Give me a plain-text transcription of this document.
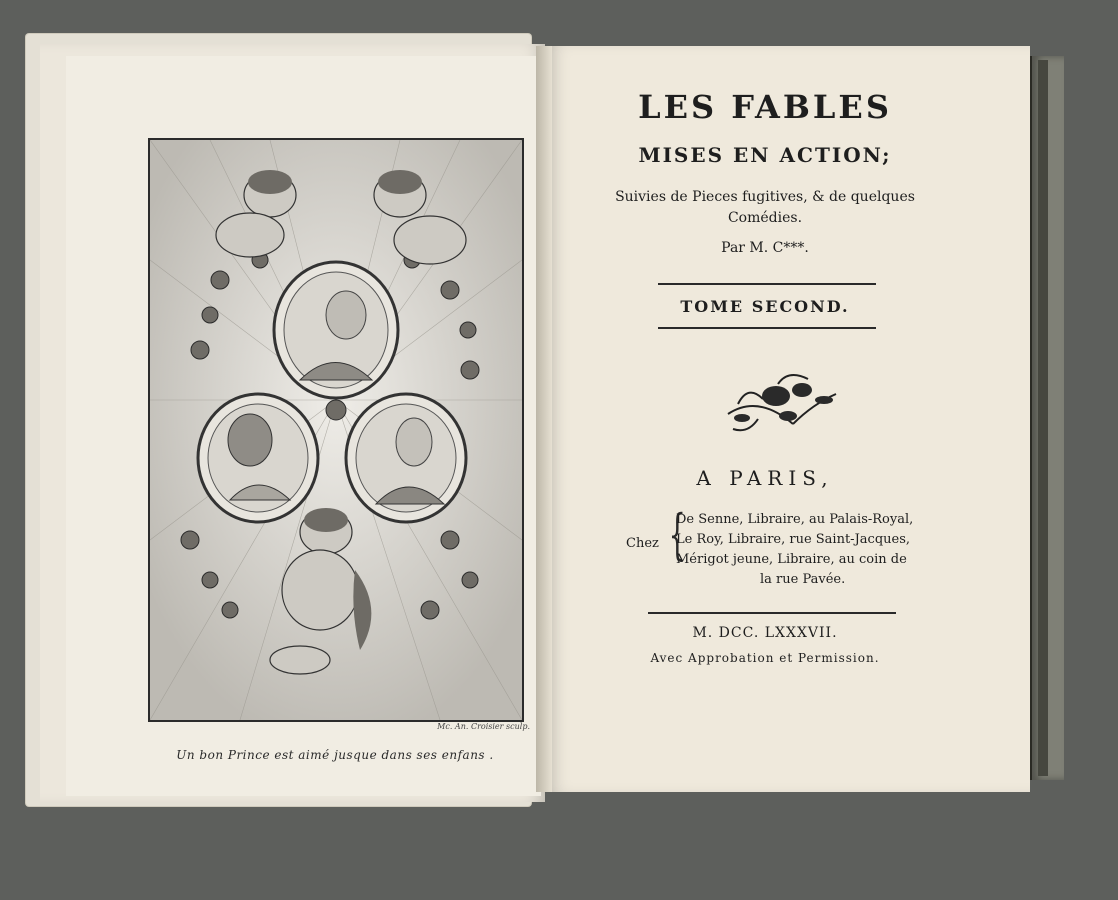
Mc. An. Croisier sculp.
Un bon Prince est aimé jusque dans ses enfans .
LES FABLES
MISES EN ACTION;
Suivies de Pieces fugitives, & de quelques
Comédies.
Par M. C***.
TOME SECOND.
A PARIS,
Chez {
De Senne, Libraire, au Palais-Royal,
Le Roy, Libraire, rue Saint-Jacques,
Mérigot jeune, Libraire, au coin de
la rue Pavée.
M. DCC. LXXXVII.
Avec Approbation et Permission.
